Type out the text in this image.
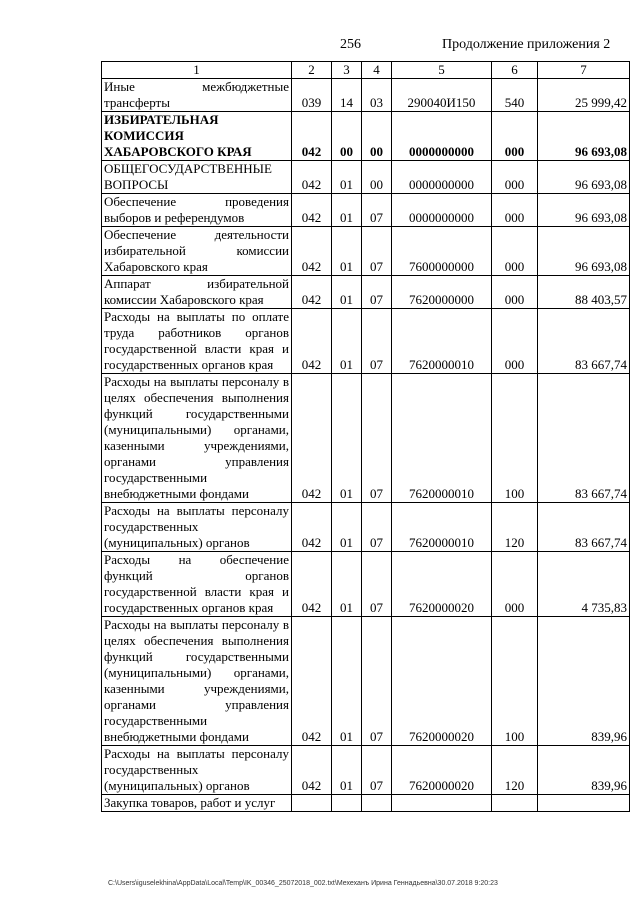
256	Продолжение приложения 2
1	2	3	4	5	6	7
Иные межбюджетные трансферты	039	14	03	290040И150	540	25 999,42
ИЗБИРАТЕЛЬНАЯ КОМИССИЯ ХАБАРОВСКОГО КРАЯ	042	00	00	0000000000	000	96 693,08
ОБЩЕГОСУДАРСТВЕННЫЕ ВОПРОСЫ	042	01	00	0000000000	000	96 693,08
Обеспечение проведения выборов и референдумов	042	01	07	0000000000	000	96 693,08
Обеспечение деятельности избирательной комиссии Хабаровского края	042	01	07	7600000000	000	96 693,08
Аппарат избирательной комиссии Хабаровского края	042	01	07	7620000000	000	88 403,57
Расходы на выплаты по оплате труда работников органов государственной власти края и государственных органов края	042	01	07	7620000010	000	83 667,74
Расходы на выплаты персоналу в целях обеспечения выполнения функций государственными (муниципальными) органами, казенными учреждениями, органами управления государственными внебюджетными фондами	042	01	07	7620000010	100	83 667,74
Расходы на выплаты персоналу государственных (муниципальных) органов	042	01	07	7620000010	120	83 667,74
Расходы на обеспечение функций органов государственной власти края и государственных органов края	042	01	07	7620000020	000	4 735,83
Расходы на выплаты персоналу в целях обеспечения выполнения функций государственными (муниципальными) органами, казенными учреждениями, органами управления государственными внебюджетными фондами	042	01	07	7620000020	100	839,96
Расходы на выплаты персоналу государственных (муниципальных) органов	042	01	07	7620000020	120	839,96
Закупка товаров, работ и услуг						
C:\Users\iguselekhina\AppData\Local\Temp\IK_00346_25072018_002.txt\Мехеханъ Ирина Геннадьевна\30.07.2018 9:20:23
